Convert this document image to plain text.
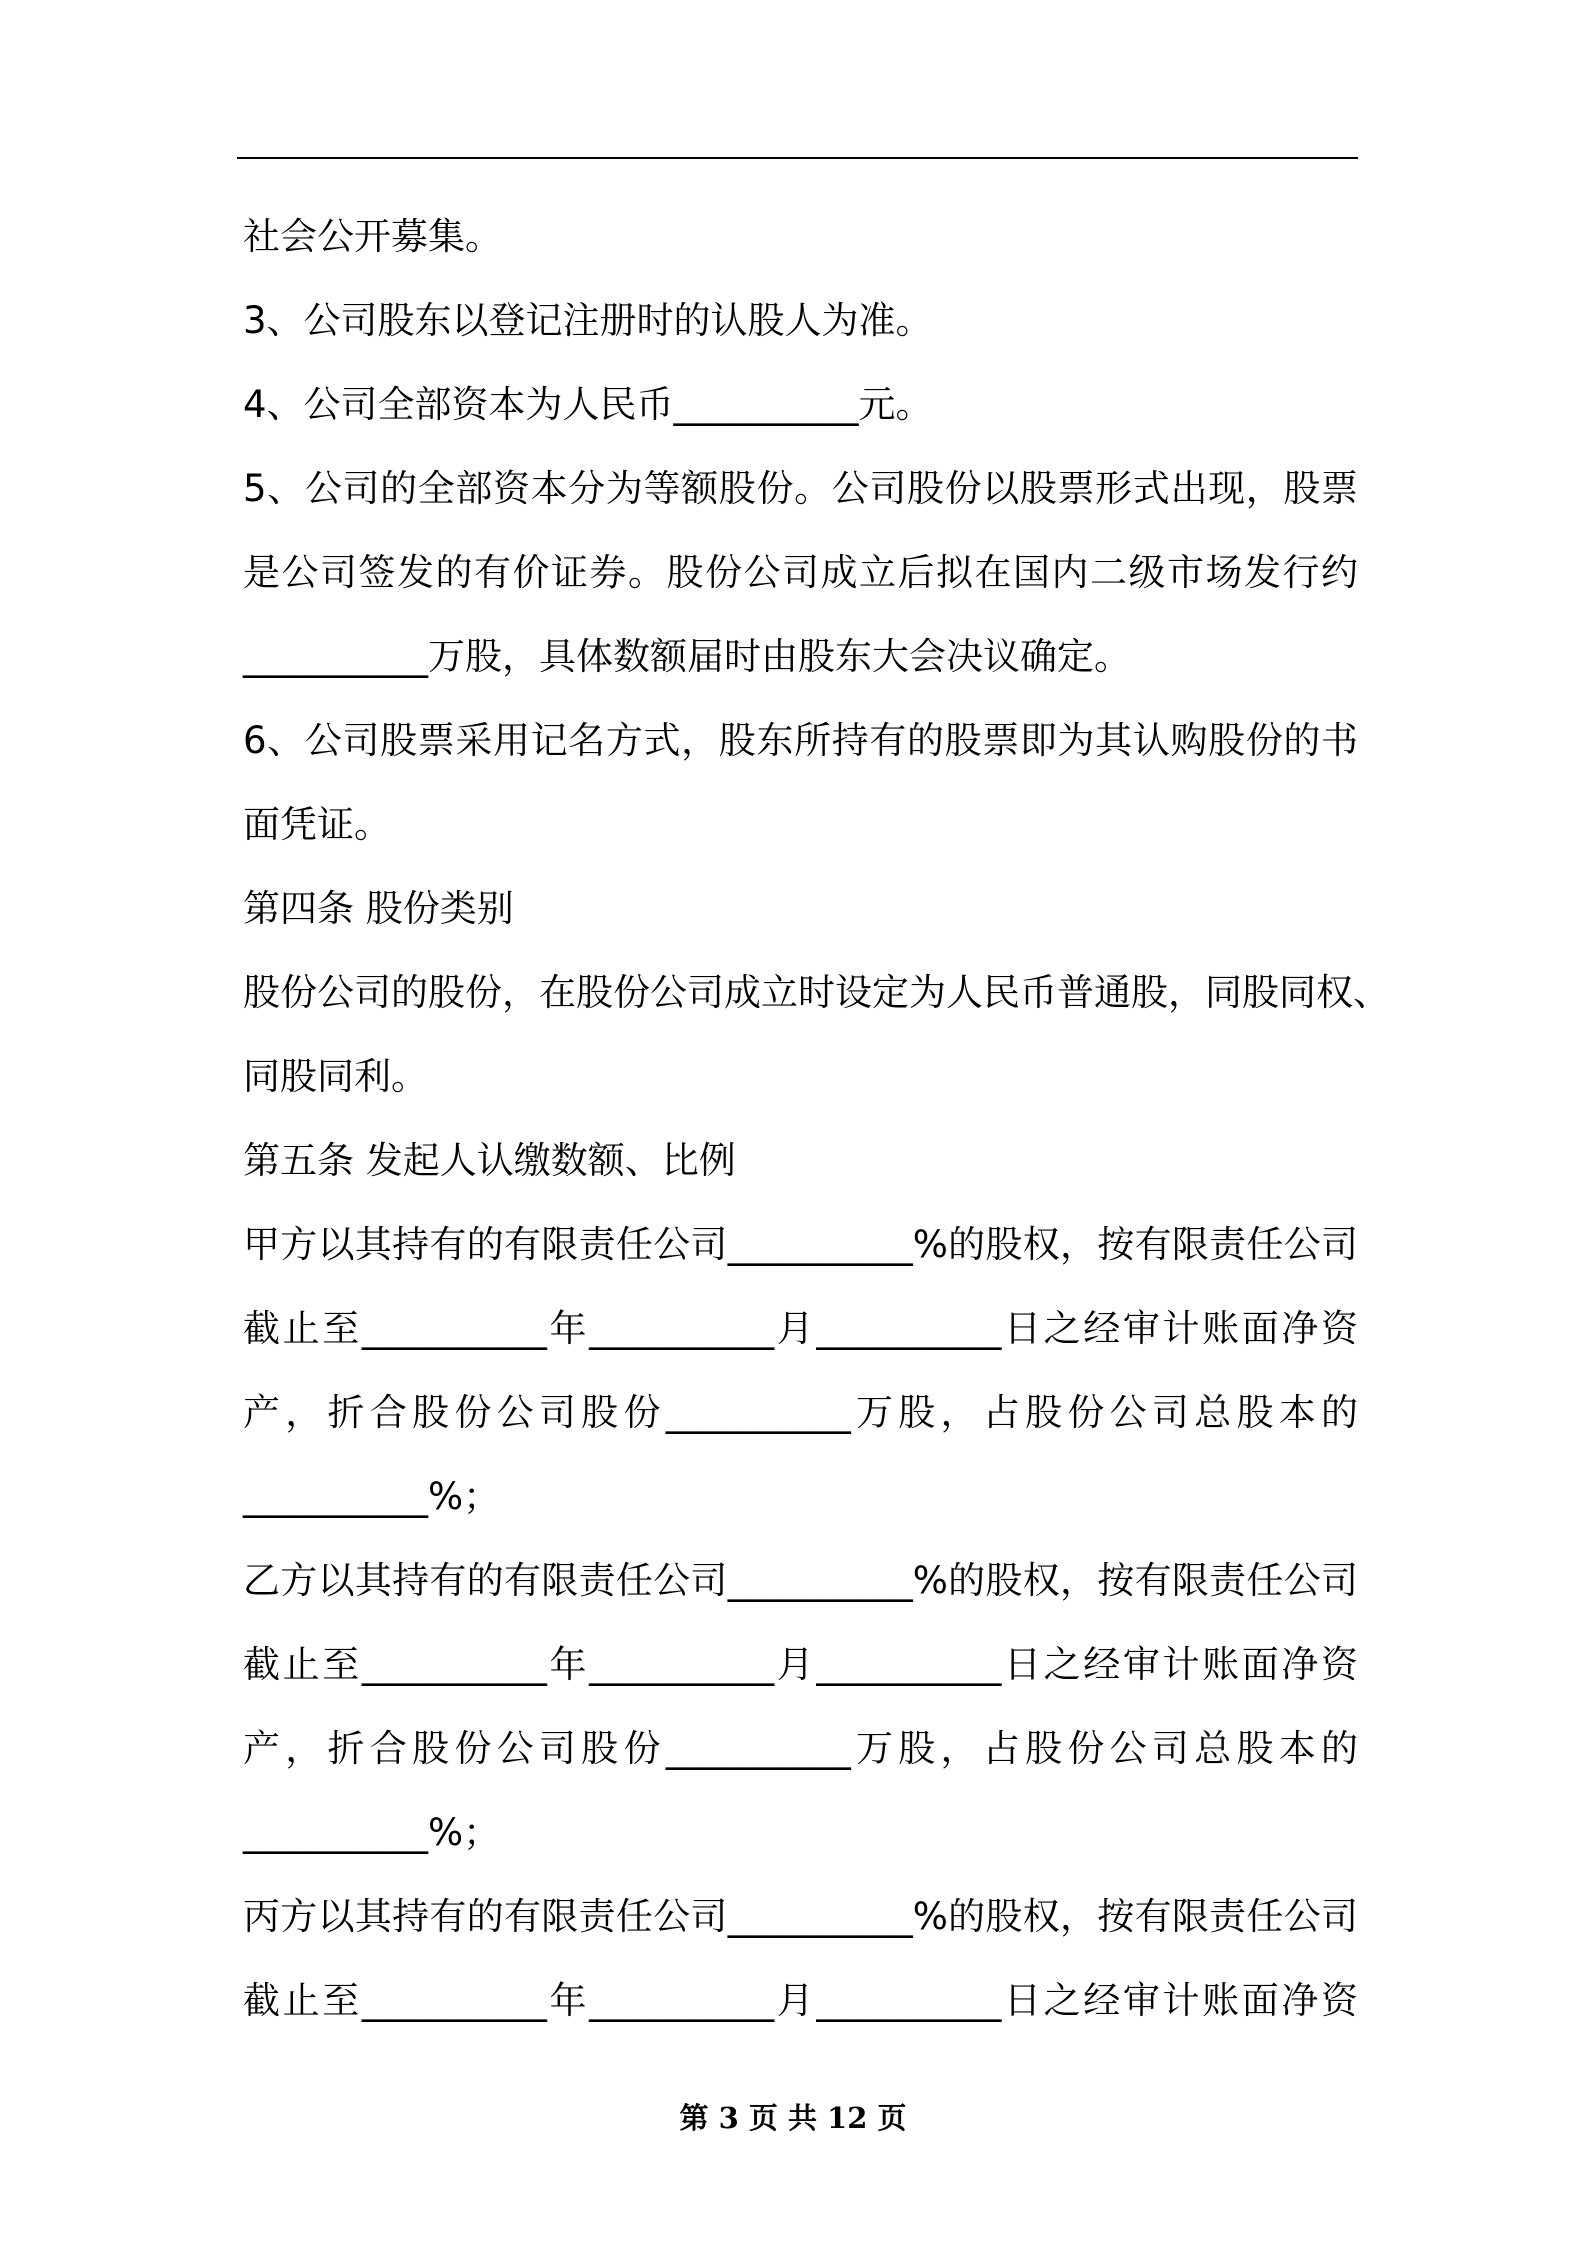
社会公开募集。
3、公司股东以登记注册时的认股人为准。
4、公司全部资本为人民币__________元。
5、公司的全部资本分为等额股份。公司股份以股票形式出现，股票
是公司签发的有价证券。股份公司成立后拟在国内二级市场发行约
__________万股，具体数额届时由股东大会决议确定。
6、公司股票采用记名方式，股东所持有的股票即为其认购股份的书
面凭证。
第四条 股份类别
股份公司的股份，在股份公司成立时设定为人民币普通股，同股同权、
同股同利。
第五条 发起人认缴数额、比例
甲方以其持有的有限责任公司__________%的股权，按有限责任公司
截止至__________年__________月__________日之经审计账面净资
产，折合股份公司股份__________万股，占股份公司总股本的
__________%；
乙方以其持有的有限责任公司__________%的股权，按有限责任公司
截止至__________年__________月__________日之经审计账面净资
产，折合股份公司股份__________万股，占股份公司总股本的
__________%；
丙方以其持有的有限责任公司__________%的股权，按有限责任公司
截止至__________年__________月__________日之经审计账面净资
第 3 页 共 12 页
